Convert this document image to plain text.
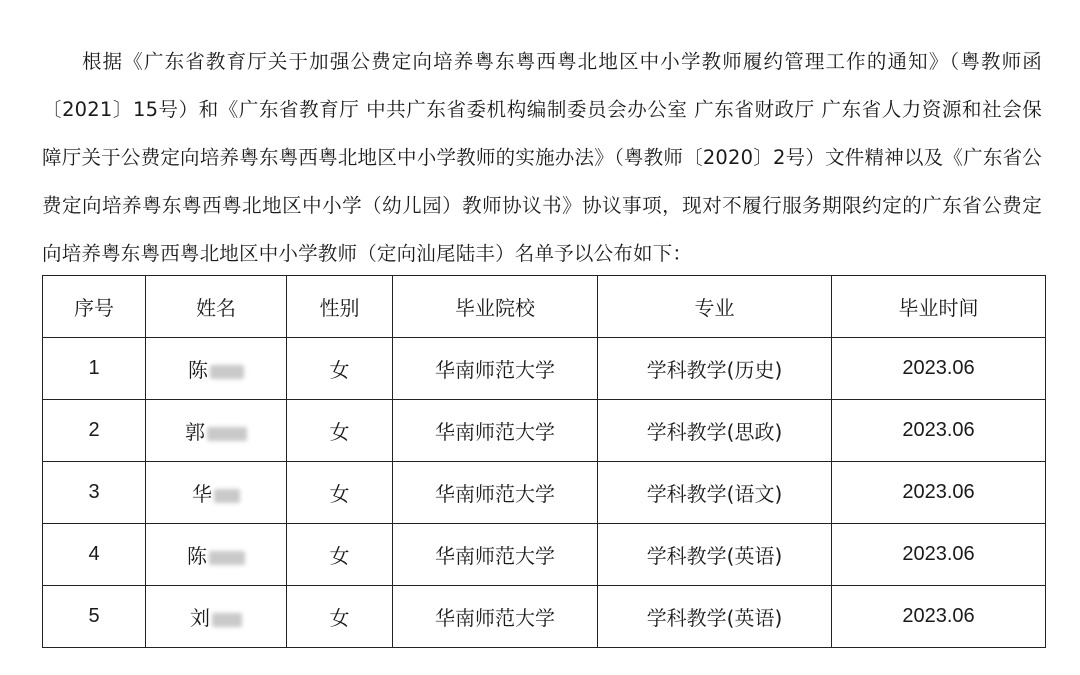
根据《广东省教育厅关于加强公费定向培养粤东粤西粤北地区中小学教师履约管理工作的通知》（粤教师函〔2021〕15号）和《广东省教育厅 中共广东省委机构编制委员会办公室 广东省财政厅 广东省人力资源和社会保障厅关于公费定向培养粤东粤西粤北地区中小学教师的实施办法》（粤教师〔2020〕2号）文件精神以及《广东省公费定向培养粤东粤西粤北地区中小学（幼儿园）教师协议书》协议事项，现对不履行服务期限约定的广东省公费定向培养粤东粤西粤北地区中小学教师（定向汕尾陆丰）名单予以公布如下：

序号	姓名	性别	毕业院校	专业	毕业时间
1	陈	女	华南师范大学	学科教学(历史)	2023.06
2	郭	女	华南师范大学	学科教学(思政)	2023.06
3	华	女	华南师范大学	学科教学(语文)	2023.06
4	陈	女	华南师范大学	学科教学(英语)	2023.06
5	刘	女	华南师范大学	学科教学(英语)	2023.06
